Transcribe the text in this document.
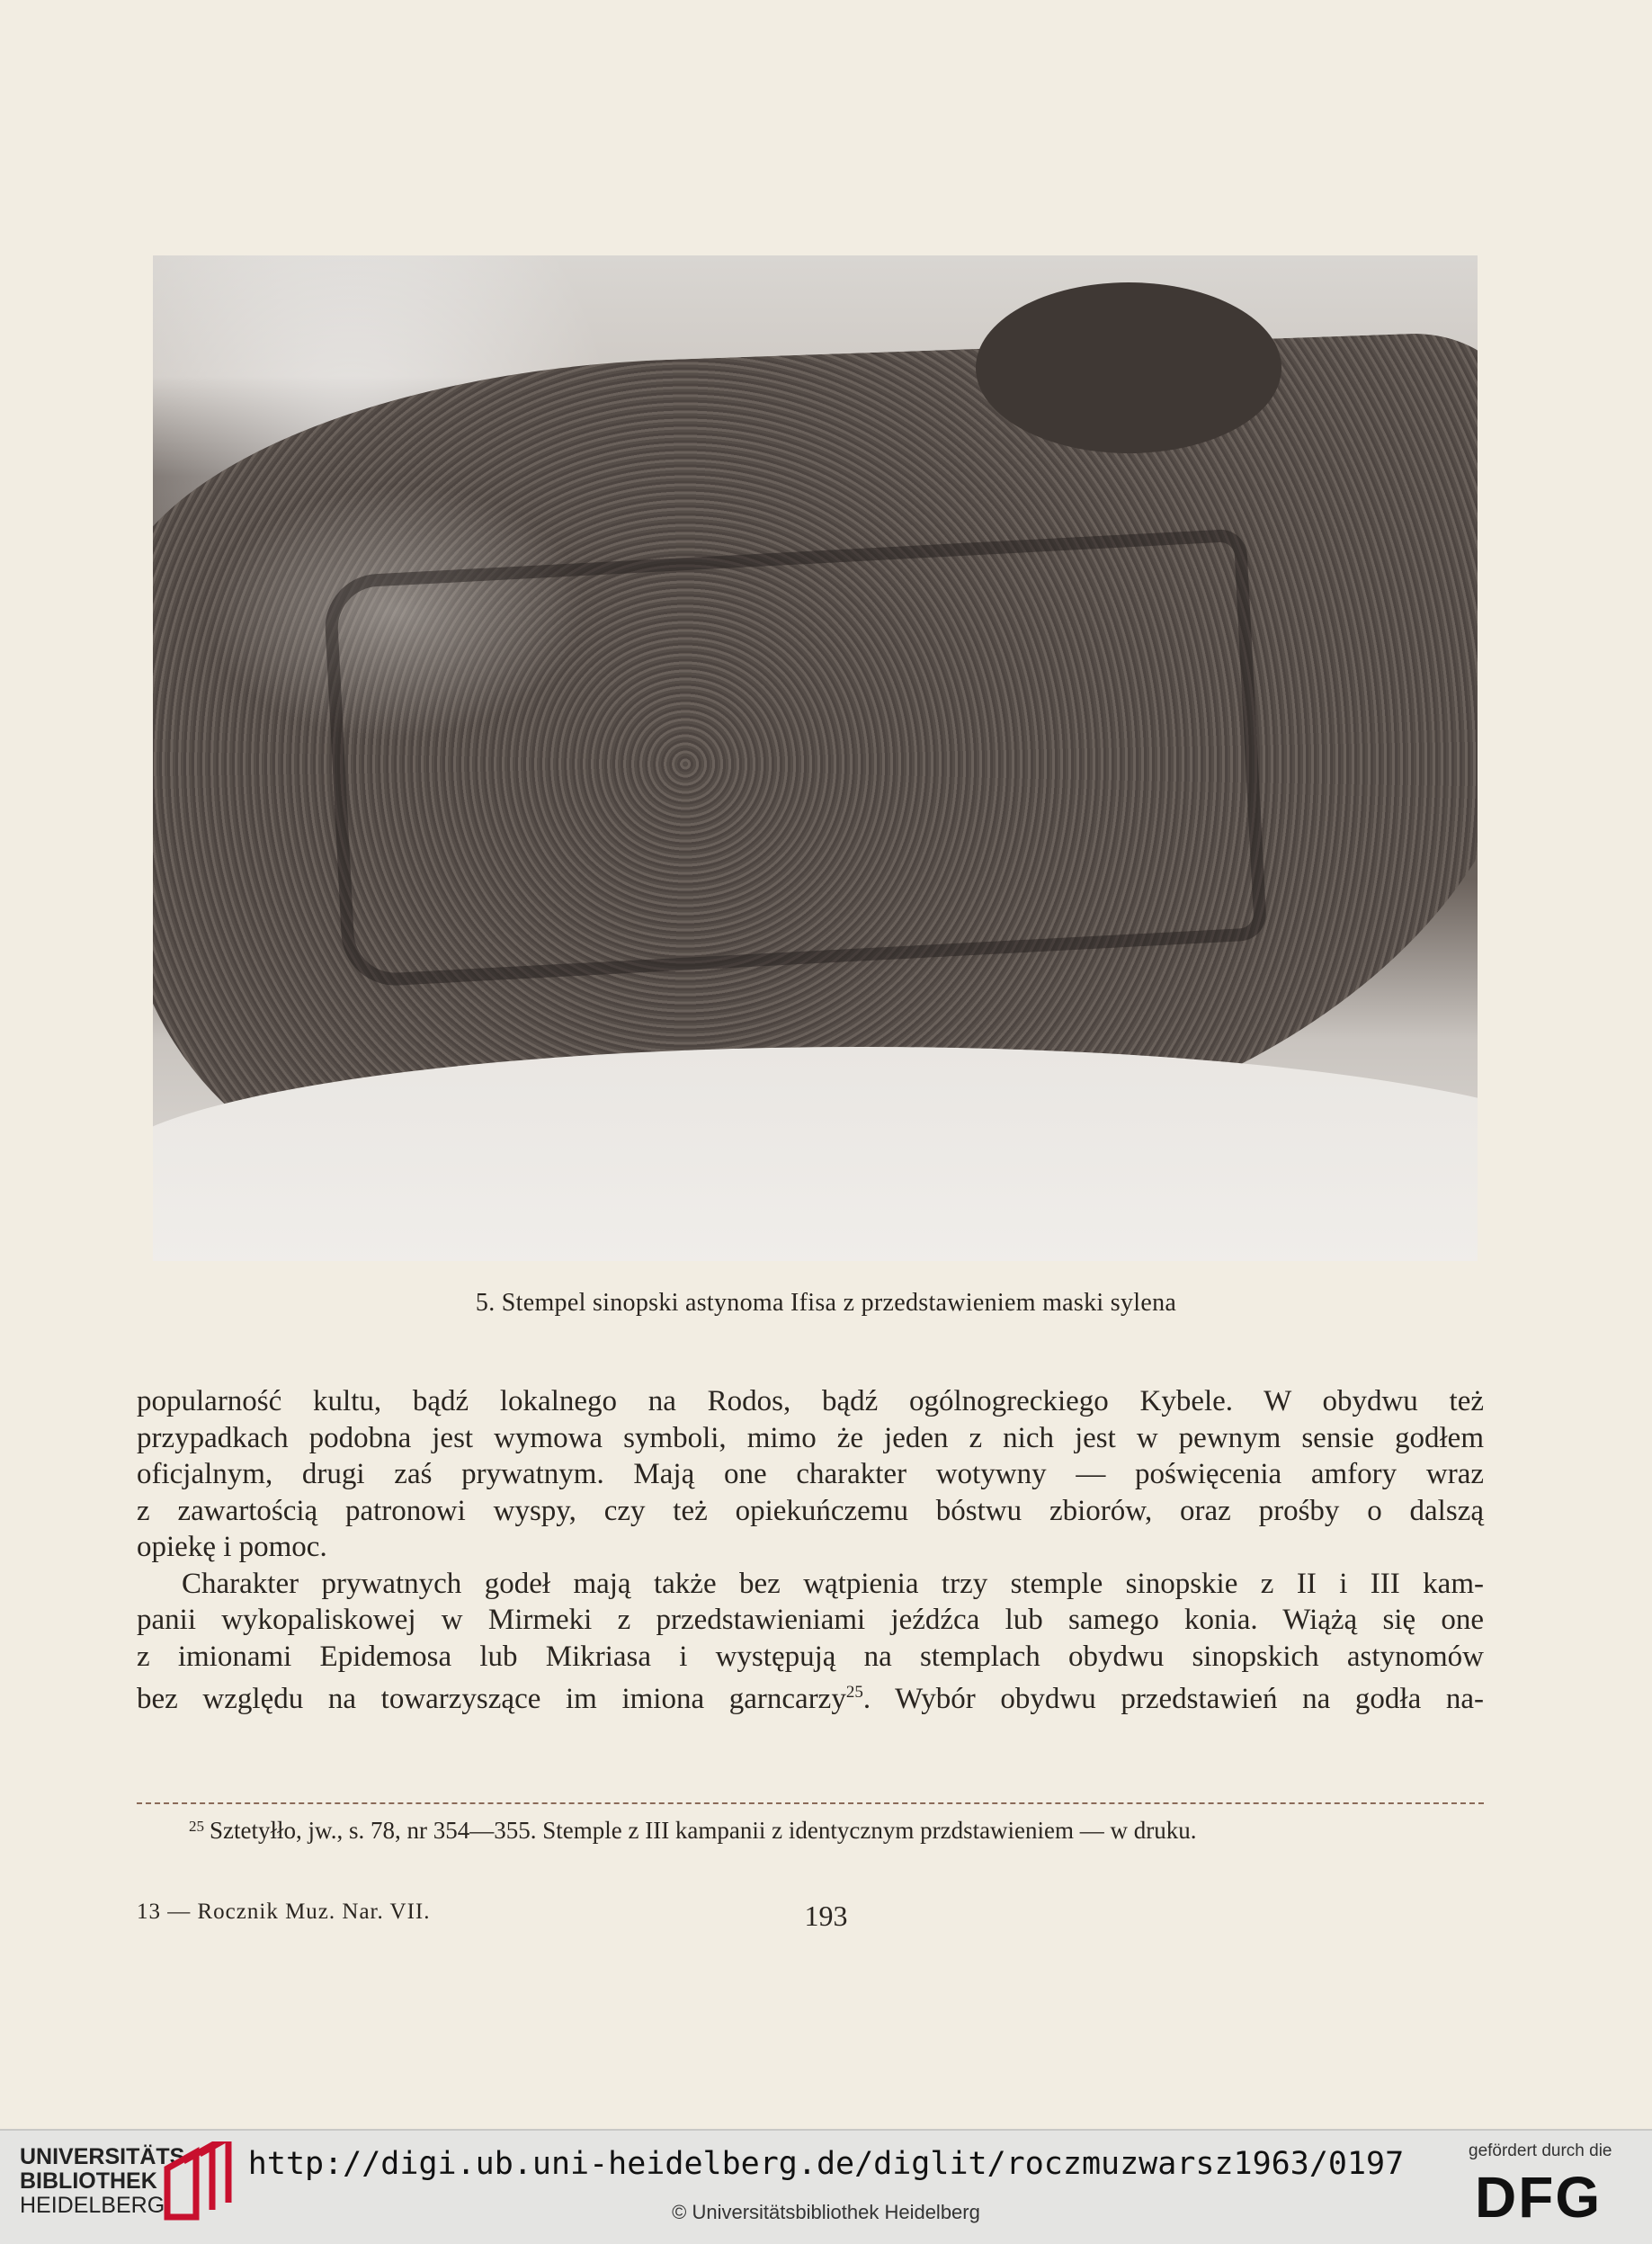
5. Stempel sinopski astynoma Ifisa z przedstawieniem maski sylena
popularność kultu, bądź lokalnego na Rodos, bądź ogólnogreckiego Kybele. W obydwu też
przypadkach podobna jest wymowa symboli, mimo że jeden z nich jest w pewnym sensie godłem
oficjalnym, drugi zaś prywatnym. Mają one charakter wotywny — poświęcenia amfory wraz
z zawartością patronowi wyspy, czy też opiekuńczemu bóstwu zbiorów, oraz prośby o dalszą
opiekę i pomoc.
Charakter prywatnych godeł mają także bez wątpienia trzy stemple sinopskie z II i III kam-
panii wykopaliskowej w Mirmeki z przedstawieniami jeźdźca lub samego konia. Wiążą się one
z imionami Epidemosa lub Mikriasa i występują na stemplach obydwu sinopskich astynomów
bez względu na towarzyszące im imiona garncarzy$^{25}$. Wybór obydwu przedstawień na godła na-
$^{25}$ Sztetyłło, jw., s. 78, nr 354—355. Stemple z III kampanii z identycznym przdstawieniem — w druku.
13 — Rocznik Muz. Nar. VII.	193
UNIVERSITÄTS-
BIBLIOTHEK
HEIDELBERG
http://digi.ub.uni-heidelberg.de/diglit/roczmuzwarsz1963/0197
© Universitätsbibliothek Heidelberg
gefördert durch die
DFG
